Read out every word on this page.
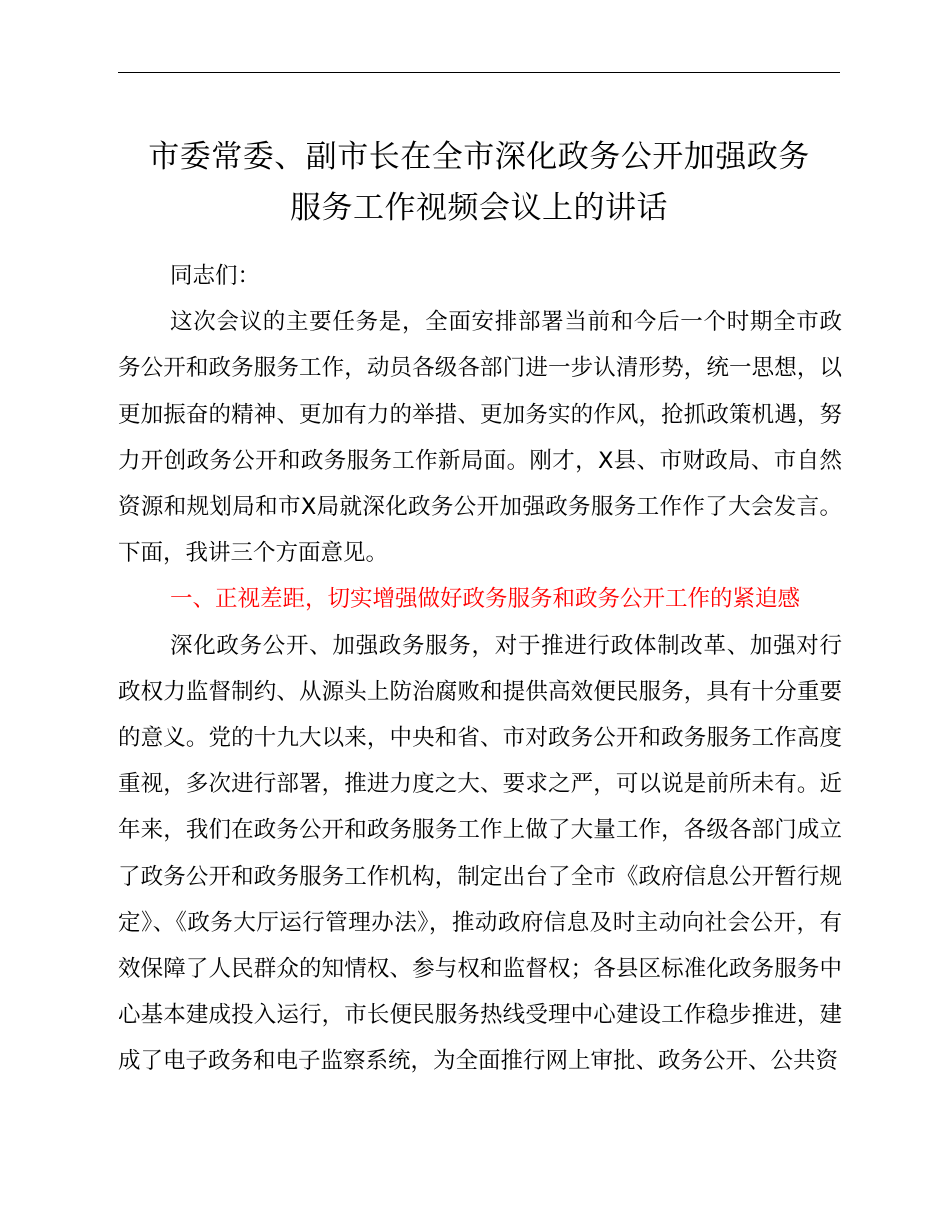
市委常委、副市长在全市深化政务公开加强政务
服务工作视频会议上的讲话

同志们：

这次会议的主要任务是，全面安排部署当前和今后一个时期全市政务公开和政务服务工作，动员各级各部门进一步认清形势，统一思想，以更加振奋的精神、更加有力的举措、更加务实的作风，抢抓政策机遇，努力开创政务公开和政务服务工作新局面。刚才，X县、市财政局、市自然资源和规划局和市X局就深化政务公开加强政务服务工作作了大会发言。下面，我讲三个方面意见。

一、正视差距，切实增强做好政务服务和政务公开工作的紧迫感

深化政务公开、加强政务服务，对于推进行政体制改革、加强对行政权力监督制约、从源头上防治腐败和提供高效便民服务，具有十分重要的意义。党的十九大以来，中央和省、市对政务公开和政务服务工作高度重视，多次进行部署，推进力度之大、要求之严，可以说是前所未有。近年来，我们在政务公开和政务服务工作上做了大量工作，各级各部门成立了政务公开和政务服务工作机构，制定出台了全市《政府信息公开暂行规定》、《政务大厅运行管理办法》，推动政府信息及时主动向社会公开，有效保障了人民群众的知情权、参与权和监督权；各县区标准化政务服务中心基本建成投入运行，市长便民服务热线受理中心建设工作稳步推进，建成了电子政务和电子监察系统，为全面推行网上审批、政务公开、公共资
